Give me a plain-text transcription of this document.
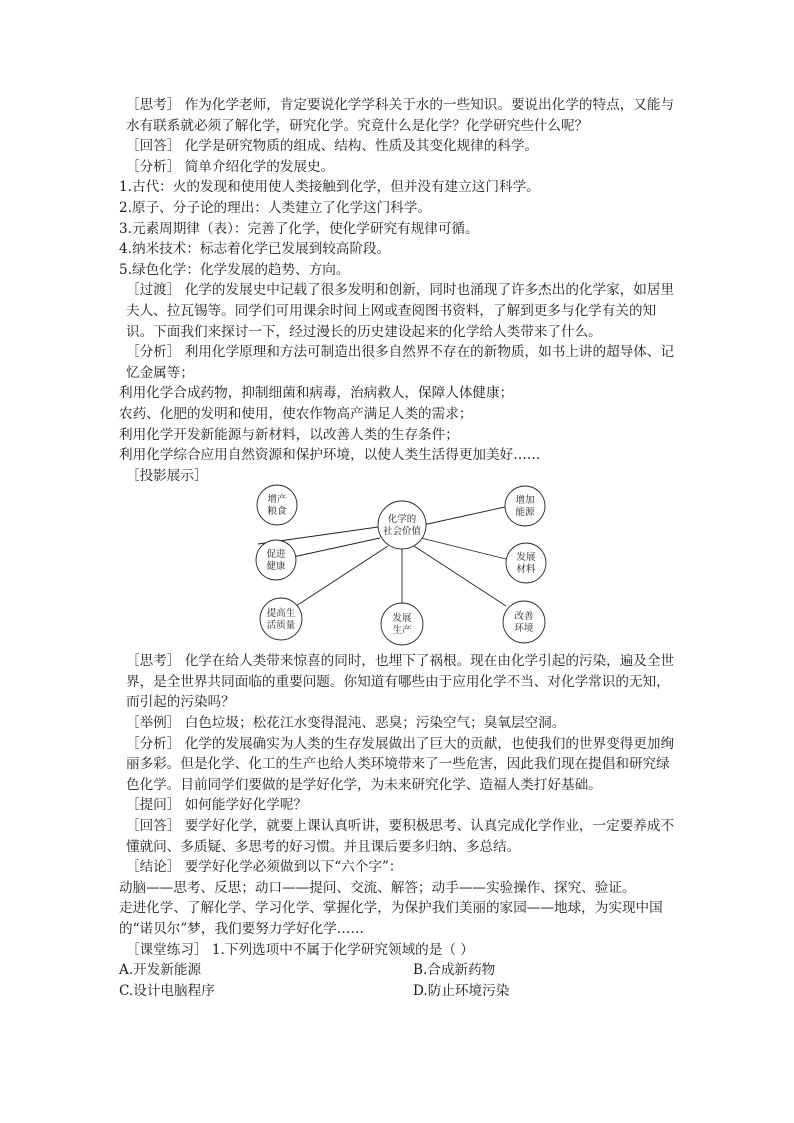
［思考］ 作为化学老师，肯定要说化学学科关于水的一些知识。要说出化学的特点，又能与水有联系就必须了解化学，研究化学。究竟什么是化学？化学研究些什么呢？

［回答］ 化学是研究物质的组成、结构、性质及其变化规律的科学。

［分析］ 简单介绍化学的发展史。

1.古代：火的发现和使用使人类接触到化学，但并没有建立这门科学。

2.原子、分子论的理出：人类建立了化学这门科学。

3.元素周期律（表）：完善了化学，使化学研究有规律可循。

4.纳米技术：标志着化学已发展到较高阶段。

5.绿色化学：化学发展的趋势、方向。

［过渡］ 化学的发展史中记载了很多发明和创新，同时也涌现了许多杰出的化学家，如居里夫人、拉瓦锡等。同学们可用课余时间上网或查阅图书资料，了解到更多与化学有关的知识。下面我们来探讨一下，经过漫长的历史建设起来的化学给人类带来了什么。

［分析］ 利用化学原理和方法可制造出很多自然界不存在的新物质，如书上讲的超导体、记忆金属等；

利用化学合成药物，抑制细菌和病毒，治病救人，保障人体健康；

农药、化肥的发明和使用，使农作物高产满足人类的需求；

利用化学开发新能源与新材料，以改善人类的生存条件；

利用化学综合应用自然资源和保护环境，以使人类生活得更加美好……

［投影展示］

化学的
社会价值
增产
粮食
增加
能源
促进
健康
发展
材料
提高生
活质量
发展
生产
改善
环境

［思考］ 化学在给人类带来惊喜的同时，也埋下了祸根。现在由化学引起的污染，遍及全世界，是全世界共同面临的重要问题。你知道有哪些由于应用化学不当、对化学常识的无知，而引起的污染吗？

［举例］ 白色垃圾；松花江水变得混沌、恶臭；污染空气；臭氧层空洞。

［分析］ 化学的发展确实为人类的生存发展做出了巨大的贡献，也使我们的世界变得更加绚丽多彩。但是化学、化工的生产也给人类环境带来了一些危害，因此我们现在提倡和研究绿色化学。目前同学们要做的是学好化学，为未来研究化学、造福人类打好基础。

［提问］ 如何能学好化学呢？

［回答］ 要学好化学，就要上课认真听讲，要积极思考、认真完成化学作业，一定要养成不懂就问、多质疑、多思考的好习惯。并且课后要多归纳、多总结。

［结论］ 要学好化学必须做到以下“六个字”：

动脑——思考、反思；动口——提问、交流、解答；动手——实验操作、探究、验证。

走进化学、了解化学、学习化学、掌握化学，为保护我们美丽的家园——地球，为实现中国的“诺贝尔”梦，我们要努力学好化学……

［课堂练习］ 1.下列选项中不属于化学研究领域的是（ ）

A.开发新能源	B.合成新药物
C.设计电脑程序	D.防止环境污染
